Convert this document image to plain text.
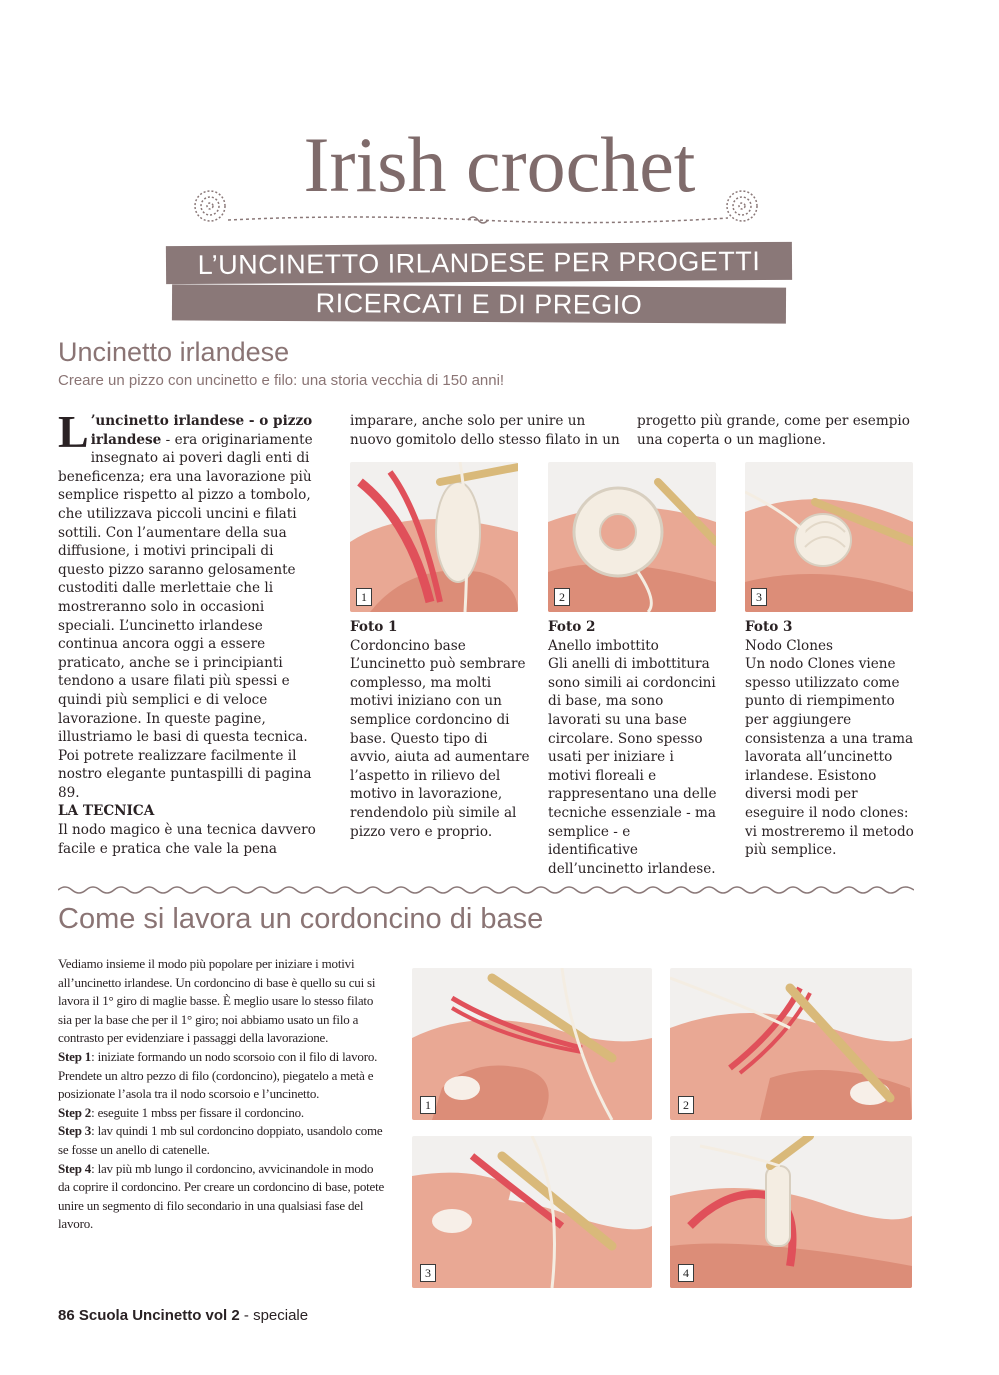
Irish crochet
L’UNCINETTO IRLANDESE PER PROGETTI
RICERCATI E DI PREGIO
Uncinetto irlandese
Creare un pizzo con uncinetto e filo: una storia vecchia di 150 anni!

L ’uncinetto irlandese - o pizzo irlandese - era originariamente insegnato ai poveri dagli enti di beneficenza; era una lavorazione più semplice rispetto al pizzo a tombolo, che utilizzava piccoli uncini e filati sottili. Con l’aumentare della sua diffusione, i motivi principali di questo pizzo saranno gelosamente custoditi dalle merlettaie che li mostreranno solo in occasioni speciali. L’uncinetto irlandese continua ancora oggi a essere praticato, anche se i principianti tendono a usare filati più spessi e quindi più semplici e di veloce lavorazione. In queste pagine, illustriamo le basi di questa tecnica. Poi potrete realizzare facilmente il nostro elegante puntaspilli di pagina 89.

LA TECNICA

Il nodo magico è una tecnica davvero facile e pratica che vale la pena

imparare, anche solo per unire un nuovo gomitolo dello stesso filato in un
progetto più grande, come per esempio una coperta o un maglione.
1	2	3
Foto 1
Cordoncino base
L’uncinetto può sembrare complesso, ma molti motivi iniziano con un semplice cordoncino di base. Questo tipo di avvio, aiuta ad aumentare l’aspetto in rilievo del motivo in lavorazione, rendendolo più simile al pizzo vero e proprio.
Foto 2
Anello imbottito
Gli anelli di imbottitura sono simili ai cordoncini di base, ma sono lavorati su una base circolare. Sono spesso usati per iniziare i motivi floreali e rappresentano una delle tecniche essenziale - ma semplice - e identificative dell’uncinetto irlandese.
Foto 3
Nodo Clones
Un nodo Clones viene spesso utilizzato come punto di riempimento per aggiungere consistenza a una trama lavorata all’uncinetto irlandese. Esistono diversi modi per eseguire il nodo clones: vi mostreremo il metodo più semplice.
Come si lavora un cordoncino di base
Vediamo insieme il modo più popolare per iniziare i motivi all’uncinetto irlandese. Un cordoncino di base è quello su cui si lavora il 1° giro di maglie basse. È meglio usare lo stesso filato sia per la base che per il 1° giro; noi abbiamo usato un filo a contrasto per evidenziare i passaggi della lavorazione.
Step 1: iniziate formando un nodo scorsoio con il filo di lavoro. Prendete un altro pezzo di filo (cordoncino), piegatelo a metà e posizionate l’asola tra il nodo scorsoio e l’uncinetto.
Step 2: eseguite 1 mbss per fissare il cordoncino.
Step 3: lav quindi 1 mb sul cordoncino doppiato, usandolo come se fosse un anello di catenelle.
Step 4: lav più mb lungo il cordoncino, avvicinandole in modo da coprire il cordoncino. Per creare un cordoncino di base, potete unire un segmento di filo secondario in una qualsiasi fase del lavoro.
1	2
3	4
86 Scuola Uncinetto vol 2 - speciale
